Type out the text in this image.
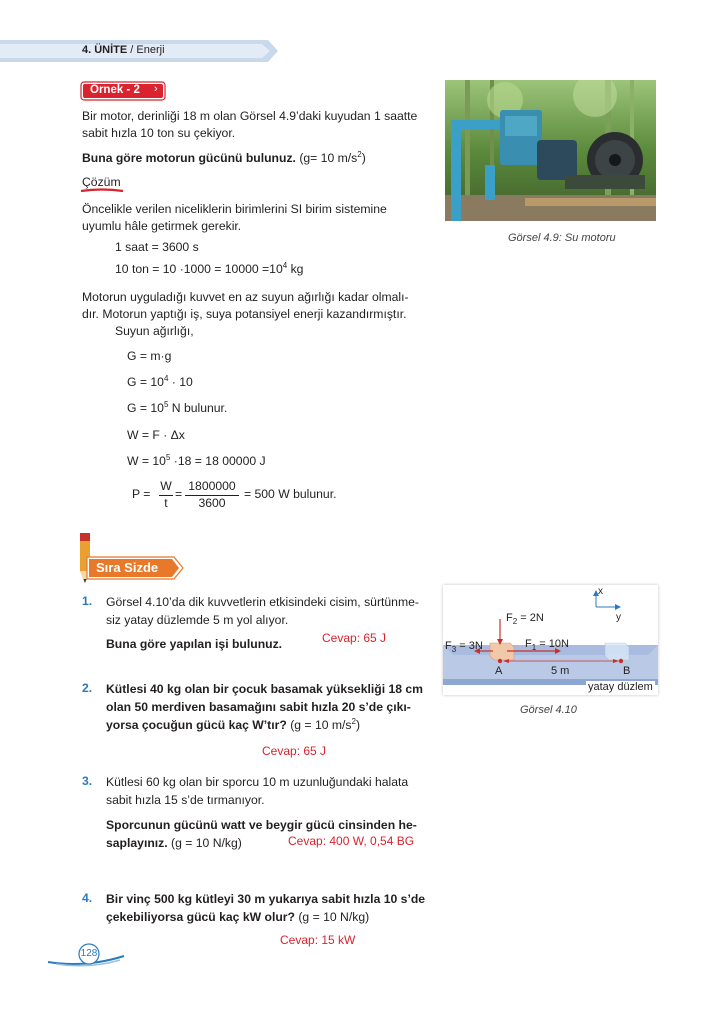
4. ÜNİTE / Enerji
Örnek - 2 ›
Bir motor, derinliği 18 m olan Görsel 4.9’daki kuyudan 1 saatte
sabit hızla 10 ton su çekiyor.
Buna göre motorun gücünü bulunuz. (g= 10 $m/s^2$)
Çözüm
Öncelikle verilen niceliklerin birimlerini SI birim sistemine
uyumlu hâle getirmek gerekir.
1 saat = 3600 s
10 ton = $10 \cdot 1000 = 10000 =10^4$ kg
Motorun uyguladığı kuvvet en az suyun ağırlığı kadar olmalı-
dır. Motorun yaptığı iş, suya potansiyel enerji kazandırmıştır.
Suyun ağırlığı,
G = m·g
$G = 10^4 \cdot 10$
$G = 10^5$ N bulunur.
W = F · Δx
$W = 10^5 \cdot 18 = 18$ 00000 J
P =
W
t
=
1800000
3600
= 500 W bulunur.
Görsel 4.9: Su motoru
Sıra Sizde
1. Görsel 4.10’da dik kuvvetlerin etkisindeki cisim, sürtünme-
siz yatay düzlemde 5 m yol alıyor.
Buna göre yapılan işi bulunuz.	Cevap: 65 J
2. Kütlesi 40 kg olan bir çocuk basamak yüksekliği 18 cm
olan 50 merdiven basamağını sabit hızla 20 s’de çıkı-
yorsa çocuğun gücü kaç W’tır? (g = 10 $m/s^2$)
Cevap: 65 J
3. Kütlesi 60 kg olan bir sporcu 10 m uzunluğundaki halata
sabit hızla 15 s’de tırmanıyor.
Sporcunun gücünü watt ve beygir gücü cinsinden he-
saplayınız. (g = 10 N/kg)	Cevap: 400 W, 0,54 BG
4. Bir vinç 500 kg kütleyi 30 m yukarıya sabit hızla 10 s’de
çekebiliyorsa gücü kaç kW olur? (g = 10 N/kg)
Cevap: 15 kW
x
y
$F_2 = 2N$
$F_3 = 3N$	$F_1 = 10N$
A	B
5 m
yatay düzlem
Görsel 4.10
128
